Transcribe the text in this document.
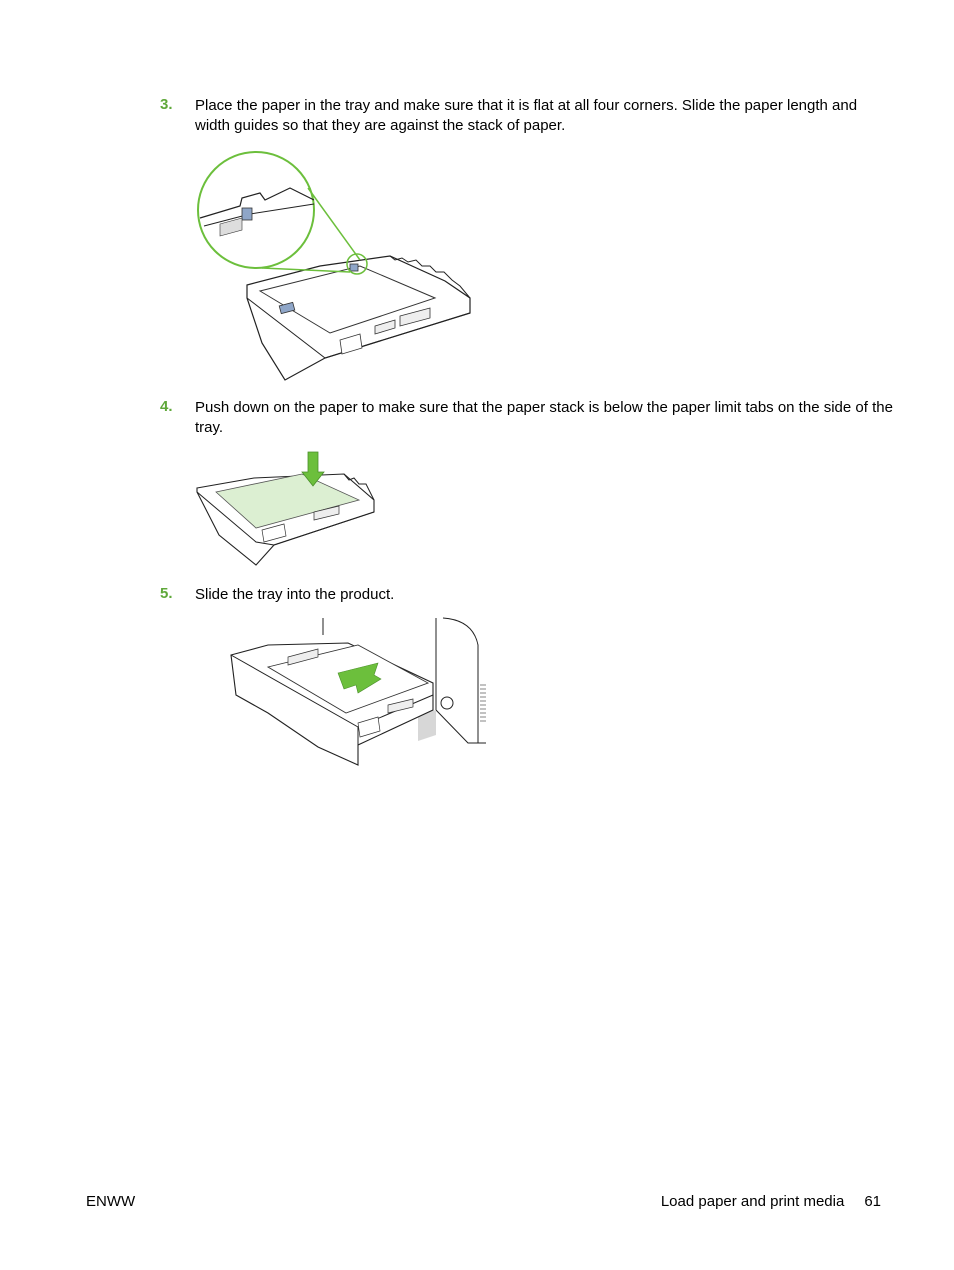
3. Place the paper in the tray and make sure that it is flat at all four corners. Slide the paper length and width guides so that they are against the stack of paper.
4. Push down on the paper to make sure that the paper stack is below the paper limit tabs on the side of the tray.
5. Slide the tray into the product.
ENWW	Load paper and print media 61
